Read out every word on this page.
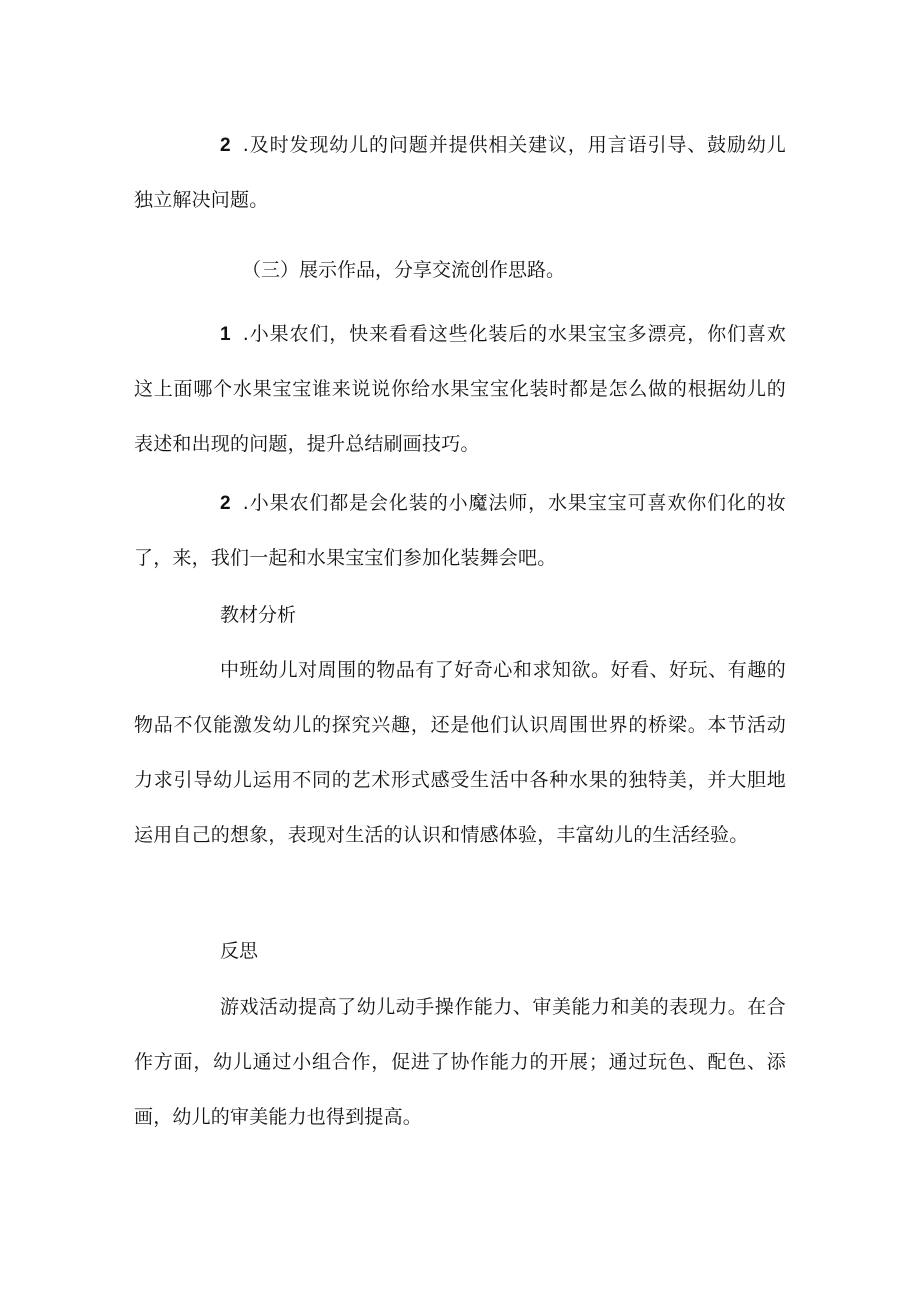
2 .及时发现幼儿的问题并提供相关建议，用言语引导、鼓励幼儿独立解决问题。

（三）展示作品，分享交流创作思路。

1 .小果农们，快来看看这些化装后的水果宝宝多漂亮，你们喜欢这上面哪个水果宝宝谁来说说你给水果宝宝化装时都是怎么做的根据幼儿的表述和出现的问题，提升总结刷画技巧。

2 .小果农们都是会化装的小魔法师，水果宝宝可喜欢你们化的妆了，来，我们一起和水果宝宝们参加化装舞会吧。

教材分析

中班幼儿对周围的物品有了好奇心和求知欲。好看、好玩、有趣的物品不仅能激发幼儿的探究兴趣，还是他们认识周围世界的桥梁。本节活动力求引导幼儿运用不同的艺术形式感受生活中各种水果的独特美，并大胆地运用自己的想象，表现对生活的认识和情感体验，丰富幼儿的生活经验。

反思

游戏活动提高了幼儿动手操作能力、审美能力和美的表现力。在合作方面，幼儿通过小组合作，促进了协作能力的开展；通过玩色、配色、添画，幼儿的审美能力也得到提高。
